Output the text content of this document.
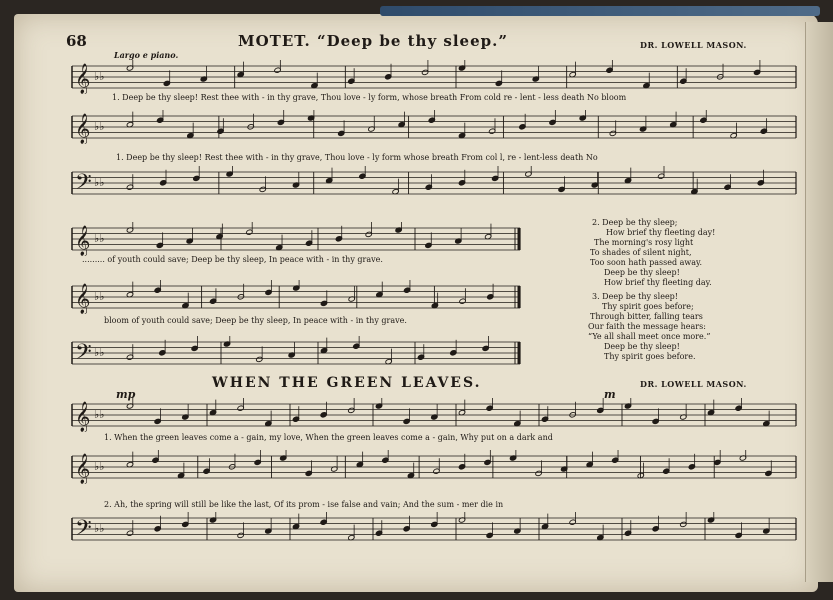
68	MOTET. “Deep be thy sleep.”	DR. LOWELL MASON.
Largo e piano.
𝄞 ♭♭
1. Deep be thy sleep! Rest thee with - in thy grave, Thou love - ly form, whose breath From cold re - lent - less death No bloom
𝄞 ♭♭
1. Deep be thy sleep! Rest thee with - in thy grave, Thou love - ly form whose breath From col l, re - lent-less death No
𝄢 ♭♭
𝄞 ♭♭
......... of youth could save; Deep be thy sleep, In peace with - in thy grave.
𝄞 ♭♭
bloom of youth could save; Deep be thy sleep, In peace with - in thy grave.
𝄢 ♭♭
2. Deep be thy sleep;
How brief thy fleeting day!
The morning's rosy light
To shades of silent night,
Too soon hath passed away.
Deep be thy sleep!
How brief thy fleeting day.
3. Deep be thy sleep!
Thy spirit goes before;
Through bitter, falling tears
Our faith the message hears:
“Ye all shall meet once more.”
Deep be thy sleep!
Thy spirit goes before.
WHEN THE GREEN LEAVES.	DR. LOWELL MASON.
mp	m
𝄞 ♭♭
1. When the green leaves come a - gain, my love, When the green leaves come a - gain, Why put on a dark and
𝄞 ♭♭
2. Ah, the spring will still be like the last, Of its prom - ise false and vain; And the sum - mer die in
𝄢 ♭♭
